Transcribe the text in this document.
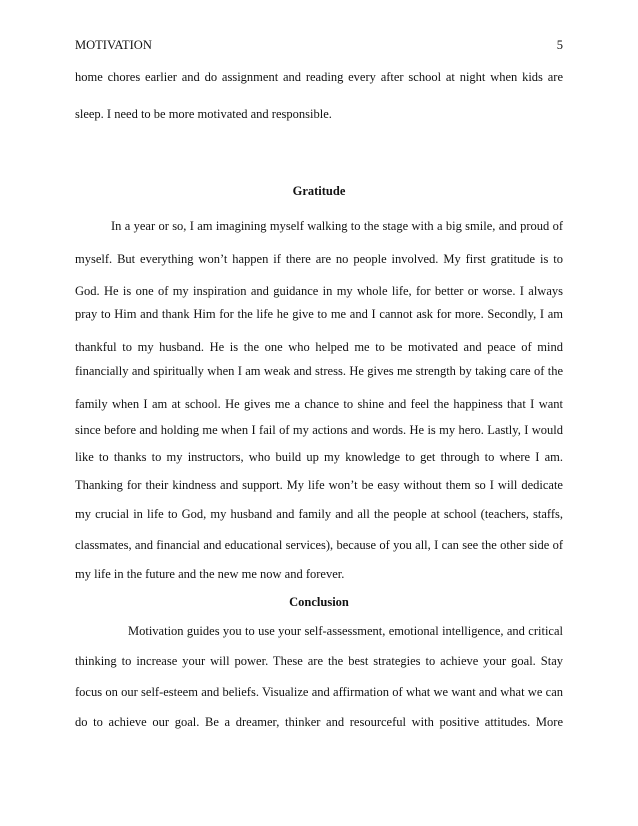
MOTIVATION	5
home chores earlier and do assignment and reading every after school at night when kids are
sleep. I need to be more motivated and responsible.
Gratitude
In a year or so, I am imagining myself walking to the stage with a big smile, and proud of
myself. But everything won’t happen if there are no people involved. My first gratitude is to
God. He is one of my inspiration and guidance in my whole life, for better or worse. I always
pray to Him and thank Him for the life he give to me and I cannot ask for more. Secondly, I am
thankful to my husband. He is the one who helped me to be motivated and peace of mind
financially and spiritually when I am weak and stress. He gives me strength by taking care of the
family when I am at school. He gives me a chance to shine and feel the happiness that I want
since before and holding me when I fail of my actions and words. He is my hero. Lastly, I would
like to thanks to my instructors, who build up my knowledge to get through to where I am.
Thanking for their kindness and support. My life won’t be easy without them so I will dedicate
my crucial in life to God, my husband and family and all the people at school (teachers, staffs,
classmates, and financial and educational services), because of you all, I can see the other side of
my life in the future and the new me now and forever.
Conclusion
Motivation guides you to use your self-assessment, emotional intelligence, and critical
thinking to increase your will power. These are the best strategies to achieve your goal. Stay
focus on our self-esteem and beliefs. Visualize and affirmation of what we want and what we can
do to achieve our goal. Be a dreamer, thinker and resourceful with positive attitudes. More
